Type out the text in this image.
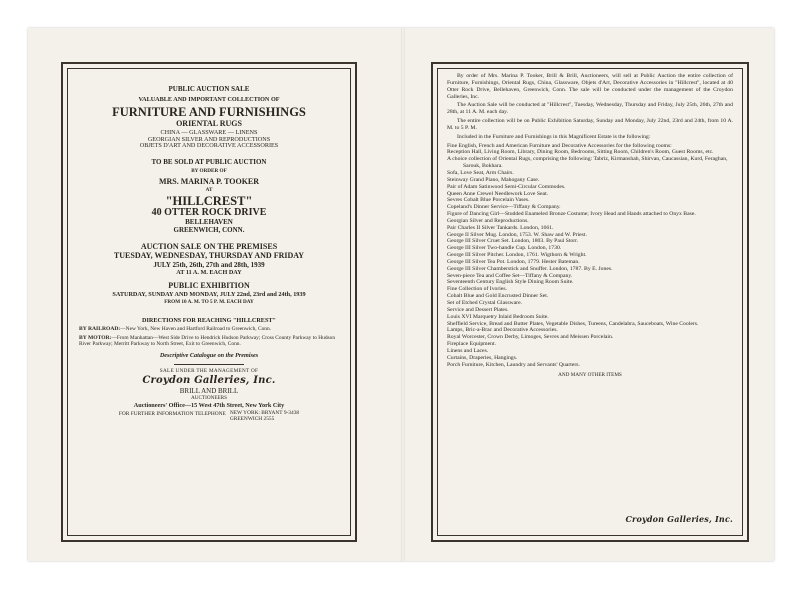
PUBLIC AUCTION SALE

VALUABLE AND IMPORTANT COLLECTION OF

FURNITURE AND FURNISHINGS

ORIENTAL RUGS

CHINA — GLASSWARE — LINENS

GEORGIAN SILVER AND REPRODUCTIONS

OBJETS D'ART AND DECORATIVE ACCESSORIES

TO BE SOLD AT PUBLIC AUCTION

BY ORDER OF

MRS. MARINA P. TOOKER

AT

"HILLCREST"

40 OTTER ROCK DRIVE

BELLEHAVEN

GREENWICH, CONN.

AUCTION SALE ON THE PREMISES

TUESDAY, WEDNESDAY, THURSDAY AND FRIDAY

JULY 25th, 26th, 27th and 28th, 1939

AT 11 A. M. EACH DAY

PUBLIC EXHIBITION

SATURDAY, SUNDAY AND MONDAY, JULY 22nd, 23rd and 24th, 1939

FROM 10 A. M. TO 5 P. M. EACH DAY

DIRECTIONS FOR REACHING "HILLCREST"

BY RAILROAD:—New York, New Haven and Hartford Railroad to Greenwich, Conn.

BY MOTOR:—From Manhattan—West Side Drive to Hendrick Hudson Parkway; Cross County Parkway to Hudson River Parkway; Merritt Parkway to North Street, Exit to Greenwich, Conn.

Descriptive Catalogue on the Premises

SALE UNDER THE MANAGEMENT OF

Croydon Galleries, Inc.

BRILL AND BRILL

AUCTIONEERS

Auctioneers' Office—15 West 47th Street, New York City

FOR FURTHER INFORMATION TELEPHONE NEW YORK: BRYANT 9-3438
GREENWICH 2555

By order of Mrs. Marina P. Tooker, Brill & Brill, Auctioneers, will sell at Public Auction the entire collection of Furniture, Furnishings, Oriental Rugs, China, Glassware, Objets d'Art, Decorative Accessories in "Hillcrest", located at 40 Otter Rock Drive, Bellehaven, Greenwich, Conn. The sale will be conducted under the management of the Croydon Galleries, Inc.

The Auction Sale will be conducted at "Hillcrest", Tuesday, Wednesday, Thursday and Friday, July 25th, 26th, 27th and 28th, at 11 A. M. each day.

The entire collection will be on Public Exhibition Saturday, Sunday and Monday, July 22nd, 23rd and 24th, from 10 A. M. to 5 P. M.

Included in the Furniture and Furnishings in this Magnificent Estate is the following:

Fine English, French and American Furniture and Decorative Accessories for the following rooms:
Reception Hall, Living Room, Library, Dining Room, Bedrooms, Sitting Room, Children's Room, Guest Rooms, etc.
A choice collection of Oriental Rugs, comprising the following: Tabriz, Kirmanshah, Shirvan, Caucassian, Kurd, Feraghan, Sarouk, Bokhara.
Sofa, Love Seat, Arm Chairs.
Steinway Grand Piano, Mahogany Case.
Pair of Adam Satinwood Semi-Circular Commodes.
Queen Anne Crewel Needlework Love Seat.
Sevres Cobalt Blue Porcelain Vases.
Copeland's Dinner Service—Tiffany & Company.
Figure of Dancing Girl—Studded Enameled Bronze Costume; Ivory Head and Hands attached to Onyx Base.
Georgian Silver and Reproductions.
Pair Charles II Silver Tankards. London, 1661.
George II Silver Mug. London, 1753. W. Shaw and W. Priest.
George III Silver Cruet Set. London, 1803. By Paul Storr.
George III Silver Two-handle Cup. London, 1730.
George III Silver Pitcher. London, 1761. Wigthorn & Wright.
George III Silver Tea Pot. London, 1779. Hester Bateman.
George III Silver Chamberstick and Snuffer. London, 1787. By E. Jones.
Seven-piece Tea and Coffee Set—Tiffany & Company.
Seventeenth Century English Style Dining Room Suite.
Fine Collection of Ivories.
Cobalt Blue and Gold Encrusted Dinner Set.
Set of Etched Crystal Glassware.
Service and Dessert Plates.
Louis XVI Marquetry Inlaid Bedroom Suite.
Sheffield Service, Bread and Butter Plates, Vegetable Dishes, Tureens, Candelabra, Sauceboats, Wine Coolers.
Lamps, Bric-a-Brac and Decorative Accessories.
Royal Worcester, Crown Derby, Limoges, Sevres and Meissen Porcelain.
Fireplace Equipment.
Linens and Laces.
Curtains, Draperies, Hangings.
Porch Furniture, Kitchen, Laundry and Servants' Quarters.

AND MANY OTHER ITEMS

Croydon Galleries, Inc.
